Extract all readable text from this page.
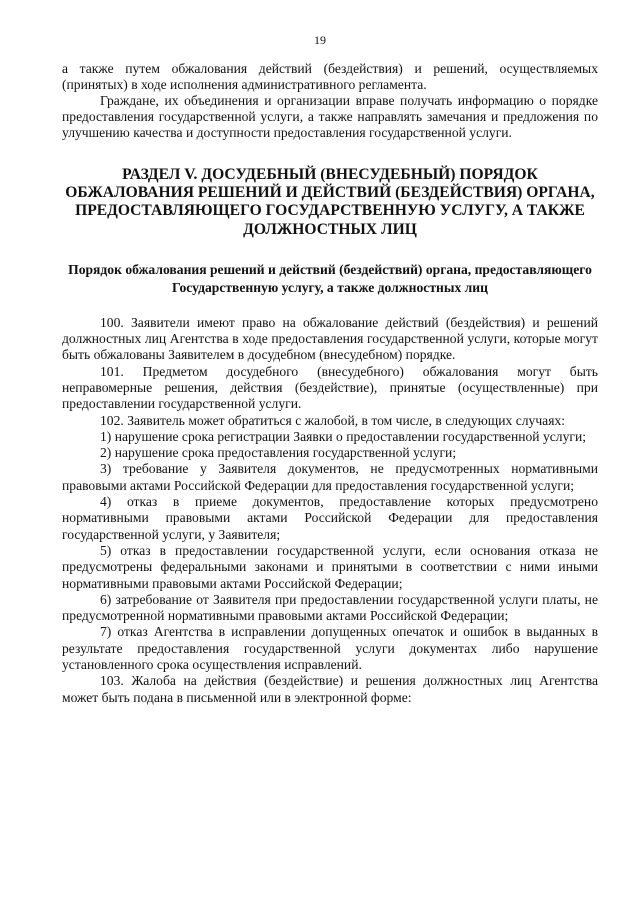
19

а также путем обжалования действий (бездействия) и решений, осуществляемых (принятых) в ходе исполнения административного регламента.

Граждане, их объединения и организации вправе получать информацию о порядке предоставления государственной услуги, а также направлять замечания и предложения по улучшению качества и доступности предоставления государственной услуги.

РАЗДЕЛ V. ДОСУДЕБНЫЙ (ВНЕСУДЕБНЫЙ) ПОРЯДОК ОБЖАЛОВАНИЯ РЕШЕНИЙ И ДЕЙСТВИЙ (БЕЗДЕЙСТВИЯ) ОРГАНА, ПРЕДОСТАВЛЯЮЩЕГО ГОСУДАРСТВЕННУЮ УСЛУГУ, А ТАКЖЕ ДОЛЖНОСТНЫХ ЛИЦ
Порядок обжалования решений и действий (бездействий) органа, предоставляющего Государственную услугу, а также должностных лиц

100. Заявители имеют право на обжалование действий (бездействия) и решений должностных лиц Агентства в ходе предоставления государственной услуги, которые могут быть обжалованы Заявителем в досудебном (внесудебном) порядке.

101. Предметом досудебного (внесудебного) обжалования могут быть неправомерные решения, действия (бездействие), принятые (осуществленные) при предоставлении государственной услуги.

102. Заявитель может обратиться с жалобой, в том числе, в следующих случаях:

1) нарушение срока регистрации Заявки о предоставлении государственной услуги;

2) нарушение срока предоставления государственной услуги;

3) требование у Заявителя документов, не предусмотренных нормативными правовыми актами Российской Федерации для предоставления государственной услуги;

4) отказ в приеме документов, предоставление которых предусмотрено нормативными правовыми актами Российской Федерации для предоставления государственной услуги, у Заявителя;

5) отказ в предоставлении государственной услуги, если основания отказа не предусмотрены федеральными законами и принятыми в соответствии с ними иными нормативными правовыми актами Российской Федерации;

6) затребование от Заявителя при предоставлении государственной услуги платы, не предусмотренной нормативными правовыми актами Российской Федерации;

7) отказ Агентства в исправлении допущенных опечаток и ошибок в выданных в результате предоставления государственной услуги документах либо нарушение установленного срока осуществления исправлений.

103. Жалоба на действия (бездействие) и решения должностных лиц Агентства может быть подана в письменной или в электронной форме:
